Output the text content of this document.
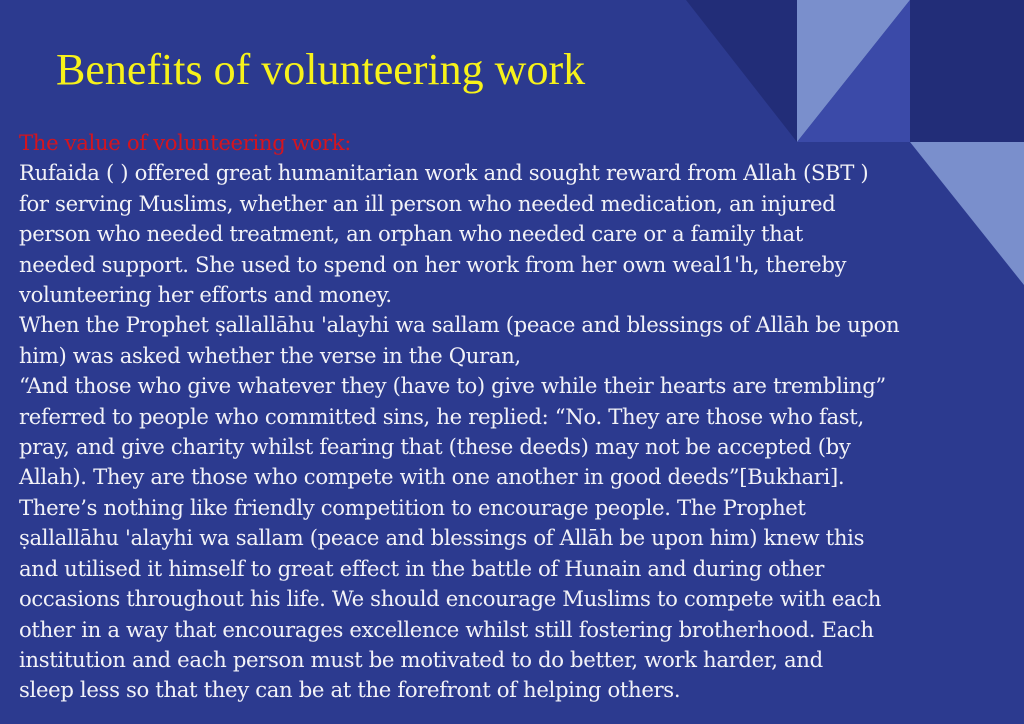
Benefits of volunteering work
The value of volunteering work:
Rufaida ( ) offered great humanitarian work and sought reward from Allah (SBT )
for serving Muslims, whether an ill person who needed medication, an injured
person who needed treatment, an orphan who needed care or a family that
needed support. She used to spend on her work from her own weal1'h, thereby
volunteering her efforts and money.
When the Prophet ṣallallāhu 'alayhi wa sallam (peace and blessings of Allāh be upon
him) was asked whether the verse in the Quran,
“And those who give whatever they (have to) give while their hearts are trembling”
referred to people who committed sins, he replied: “No. They are those who fast,
pray, and give charity whilst fearing that (these deeds) may not be accepted (by
Allah). They are those who compete with one another in good deeds”[Bukhari].
There’s nothing like friendly competition to encourage people. The Prophet
ṣallallāhu 'alayhi wa sallam (peace and blessings of Allāh be upon him) knew this
and utilised it himself to great effect in the battle of Hunain and during other
occasions throughout his life. We should encourage Muslims to compete with each
other in a way that encourages excellence whilst still fostering brotherhood. Each
institution and each person must be motivated to do better, work harder, and
sleep less so that they can be at the forefront of helping others.
